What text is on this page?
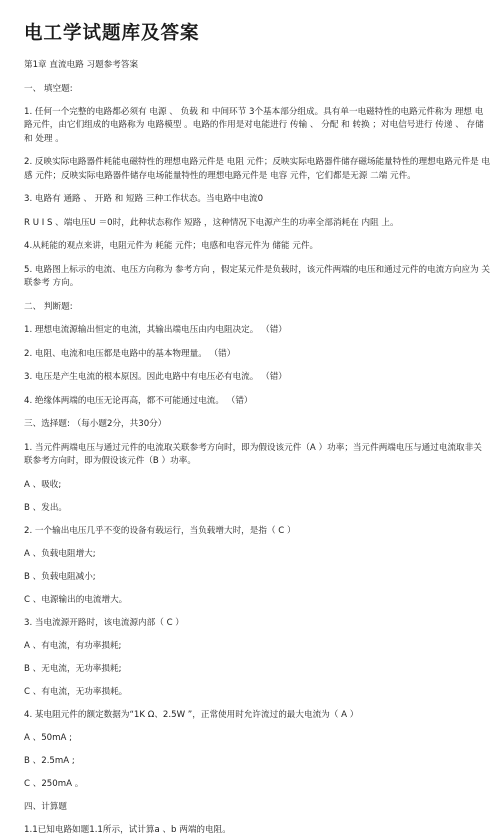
电工学试题库及答案

第1章 直流电路 习题参考答案

一、 填空题:

1. 任何一个完整的电路都必须有 电源 、 负载 和 中间环节 3个基本部分组成。具有单一电磁特性的电路元件称为 理想 电路元件，由它们组成的电路称为 电路模型 。电路的作用是对电能进行 传输 、 分配 和 转换 ；对电信号进行 传递 、 存储 和 处理 。

2. 反映实际电路器件耗能电磁特性的理想电路元件是 电阻 元件；反映实际电路器件储存磁场能量特性的理想电路元件是 电感 元件；反映实际电路器件储存电场能量特性的理想电路元件是 电容 元件，它们都是无源 二端 元件。

3. 电路有 通路 、 开路 和 短路 三种工作状态。当电路中电流0

R U I S 、端电压U ＝0时，此种状态称作 短路 ，这种情况下电源产生的功率全部消耗在 内阻 上。

4.从耗能的观点来讲，电阻元件为 耗能 元件；电感和电容元件为 储能 元件。

5. 电路图上标示的电流、电压方向称为 参考方向 ，假定某元件是负载时，该元件两端的电压和通过元件的电流方向应为 关联参考 方向。

二、 判断题:

1. 理想电流源输出恒定的电流，其输出端电压由内电阻决定。 （错）

2. 电阻、电流和电压都是电路中的基本物理量。 （错）

3. 电压是产生电流的根本原因。因此电路中有电压必有电流。 （错）

4. 绝缘体两端的电压无论再高，都不可能通过电流。 （错）

三、选择题: （每小题2分，共30分）

1. 当元件两端电压与通过元件的电流取关联参考方向时，即为假设该元件（A ）功率；当元件两端电压与通过电流取非关联参考方向时，即为假设该元件（B ）功率。

A 、吸收;

B 、发出。

2. 一个输出电压几乎不变的设备有载运行，当负载增大时，是指（ C ）

A 、负载电阻增大;

B 、负载电阻减小;

C 、电源输出的电流增大。

3. 当电流源开路时，该电流源内部（ C ）

A 、有电流，有功率损耗;

B 、无电流，无功率损耗;

C 、有电流，无功率损耗。

4. 某电阻元件的额定数据为“1K Ω、2.5W ”，正常使用时允许流过的最大电流为（ A ）

A 、50mA ;

B 、2.5mA ;

C 、250mA 。

四、计算题

1.1已知电路如题1.1所示，试计算a 、b 两端的电阻。
